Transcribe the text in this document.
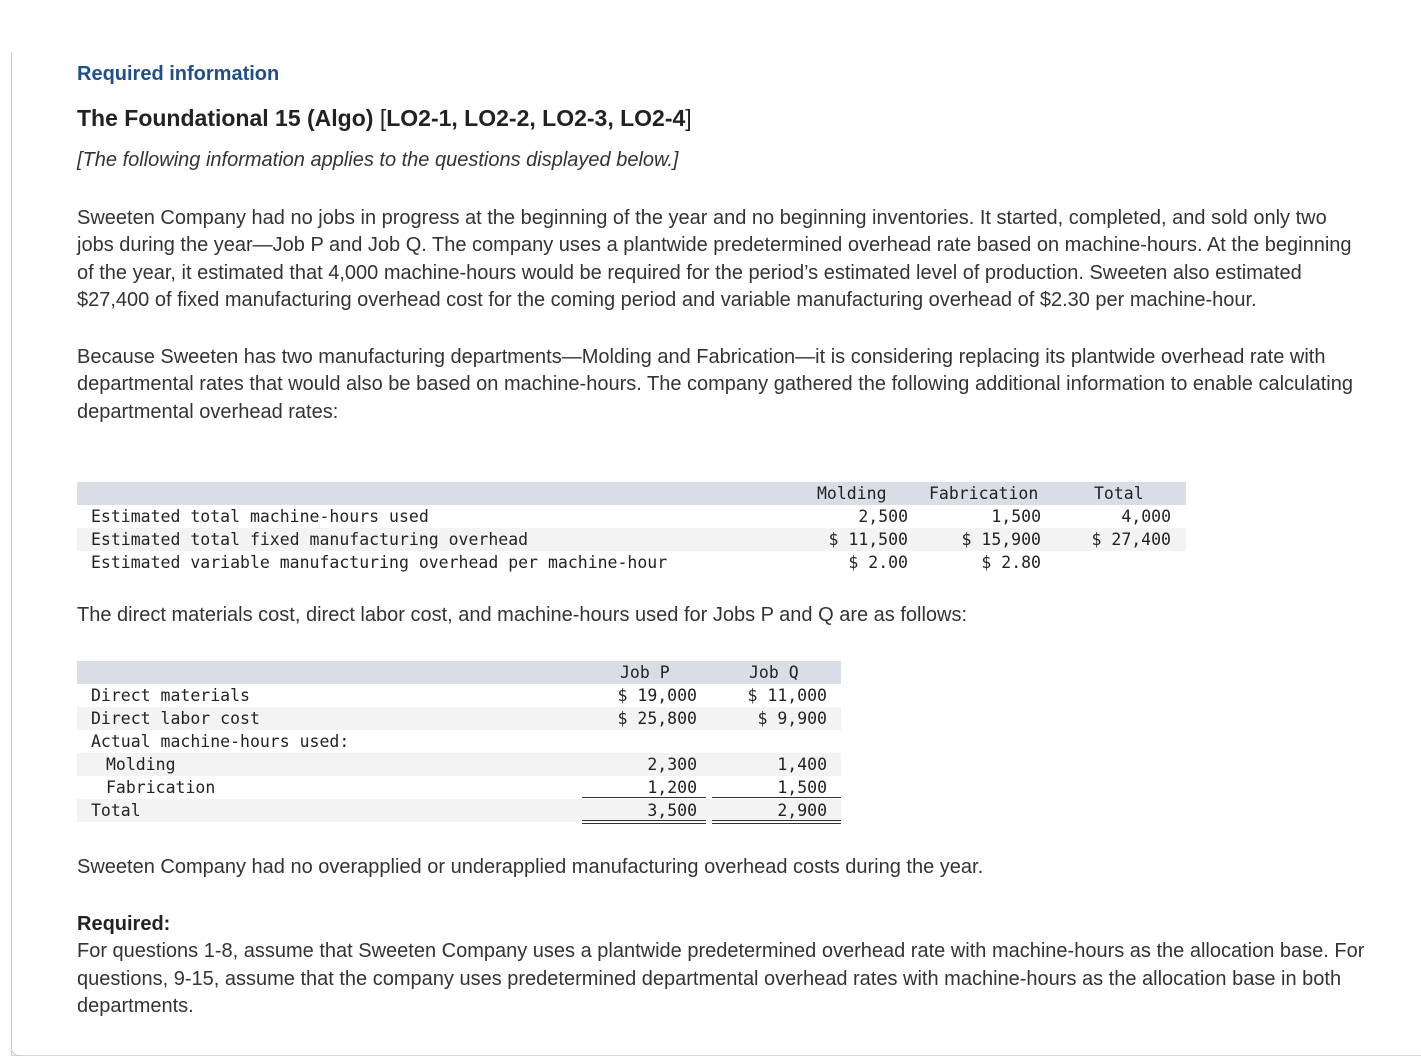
Required information

The Foundational 15 (Algo) [LO2-1, LO2-2, LO2-3, LO2-4]

[The following information applies to the questions displayed below.]

Sweeten Company had no jobs in progress at the beginning of the year and no beginning inventories. It started, completed, and sold only two jobs during the year—Job P and Job Q. The company uses a plantwide predetermined overhead rate based on machine-hours. At the beginning of the year, it estimated that 4,000 machine-hours would be required for the period’s estimated level of production. Sweeten also estimated $27,400 of fixed manufacturing overhead cost for the coming period and variable manufacturing overhead of $2.30 per machine-hour.

Because Sweeten has two manufacturing departments—Molding and Fabrication—it is considering replacing its plantwide overhead rate with departmental rates that would also be based on machine-hours. The company gathered the following additional information to enable calculating departmental overhead rates:

Molding	Fabrication	Total
Estimated total machine-hours used	2,500	1,500	4,000
Estimated total fixed manufacturing overhead	$ 11,500	$ 15,900	$ 27,400
Estimated variable manufacturing overhead per machine-hour	$ 2.00	$ 2.80

The direct materials cost, direct labor cost, and machine-hours used for Jobs P and Q are as follows:

Job P	Job Q
Direct materials	$ 19,000	$ 11,000
Direct labor cost	$ 25,800	$ 9,900
Actual machine-hours used:
Molding	2,300	1,400
Fabrication	1,200	1,500
Total	3,500	2,900

Sweeten Company had no overapplied or underapplied manufacturing overhead costs during the year.

Required:

For questions 1-8, assume that Sweeten Company uses a plantwide predetermined overhead rate with machine-hours as the allocation base. For questions, 9-15, assume that the company uses predetermined departmental overhead rates with machine-hours as the allocation base in both departments.
